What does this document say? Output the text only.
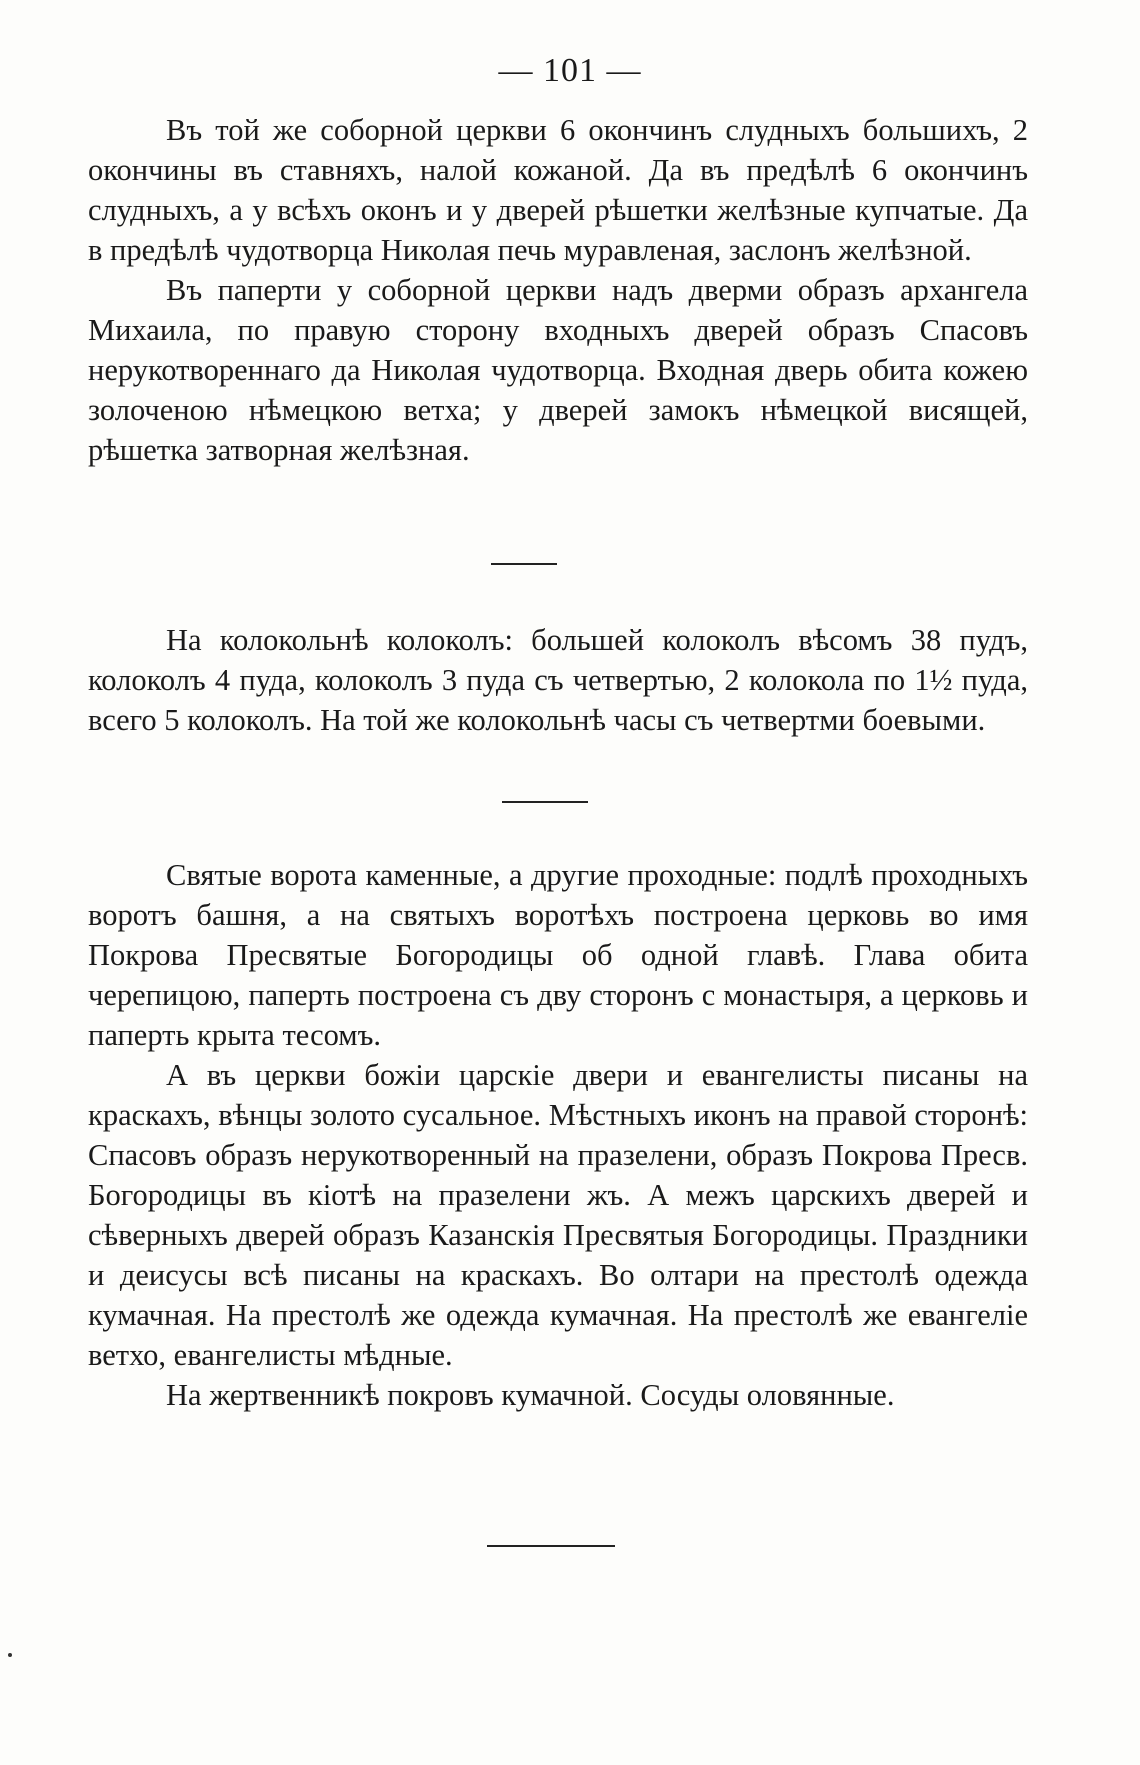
— 101 —

Въ той же соборной церкви 6 окончинъ слудныхъ большихъ, 2 окончины въ ставняхъ, налой кожаной. Да въ предѣлѣ 6 окончинъ слудныхъ, а у всѣхъ оконъ и у дверей рѣшетки желѣзные купчатые. Да в предѣлѣ чудотворца Николая печь муравленая, заслонъ желѣзной.

Въ паперти у соборной церкви надъ дверми образъ архангела Михаила, по правую сторону входныхъ дверей образъ Спасовъ нерукотвореннаго да Николая чудотворца. Входная дверь обита кожею золоченою нѣмецкою ветха; у дверей замокъ нѣмецкой висящей, рѣшетка затворная желѣзная.

На колокольнѣ колоколъ: большей колоколъ вѣсомъ 38 пудъ, колоколъ 4 пуда, колоколъ 3 пуда съ четвертью, 2 колокола по 1½ пуда, всего 5 колоколъ. На той же колокольнѣ часы съ четвертми боевыми.

Святые ворота каменные, а другие проходные: подлѣ проходныхъ воротъ башня, а на святыхъ воротѣхъ построена церковь во имя Покрова Пресвятые Богородицы об одной главѣ. Глава обита черепицою, паперть построена съ дву сторонъ с монастыря, а церковь и паперть крыта тесомъ.

А въ церкви божіи царскіе двери и евангелисты писаны на краскахъ, вѣнцы золото сусальное. Мѣстныхъ иконъ на правой сторонѣ: Спасовъ образъ нерукотворенный на празелени, образъ Покрова Пресв. Богородицы въ кіотѣ на празелени жъ. А межъ царскихъ дверей и сѣверныхъ дверей образъ Казанскія Пресвятыя Богородицы. Праздники и деисусы всѣ писаны на краскахъ. Во олтари на престолѣ одежда кумачная. На престолѣ же одежда кумачная. На престолѣ же евангеліе ветхо, евангелисты мѣдные.

На жертвенникѣ покровъ кумачной. Сосуды оловянные.
